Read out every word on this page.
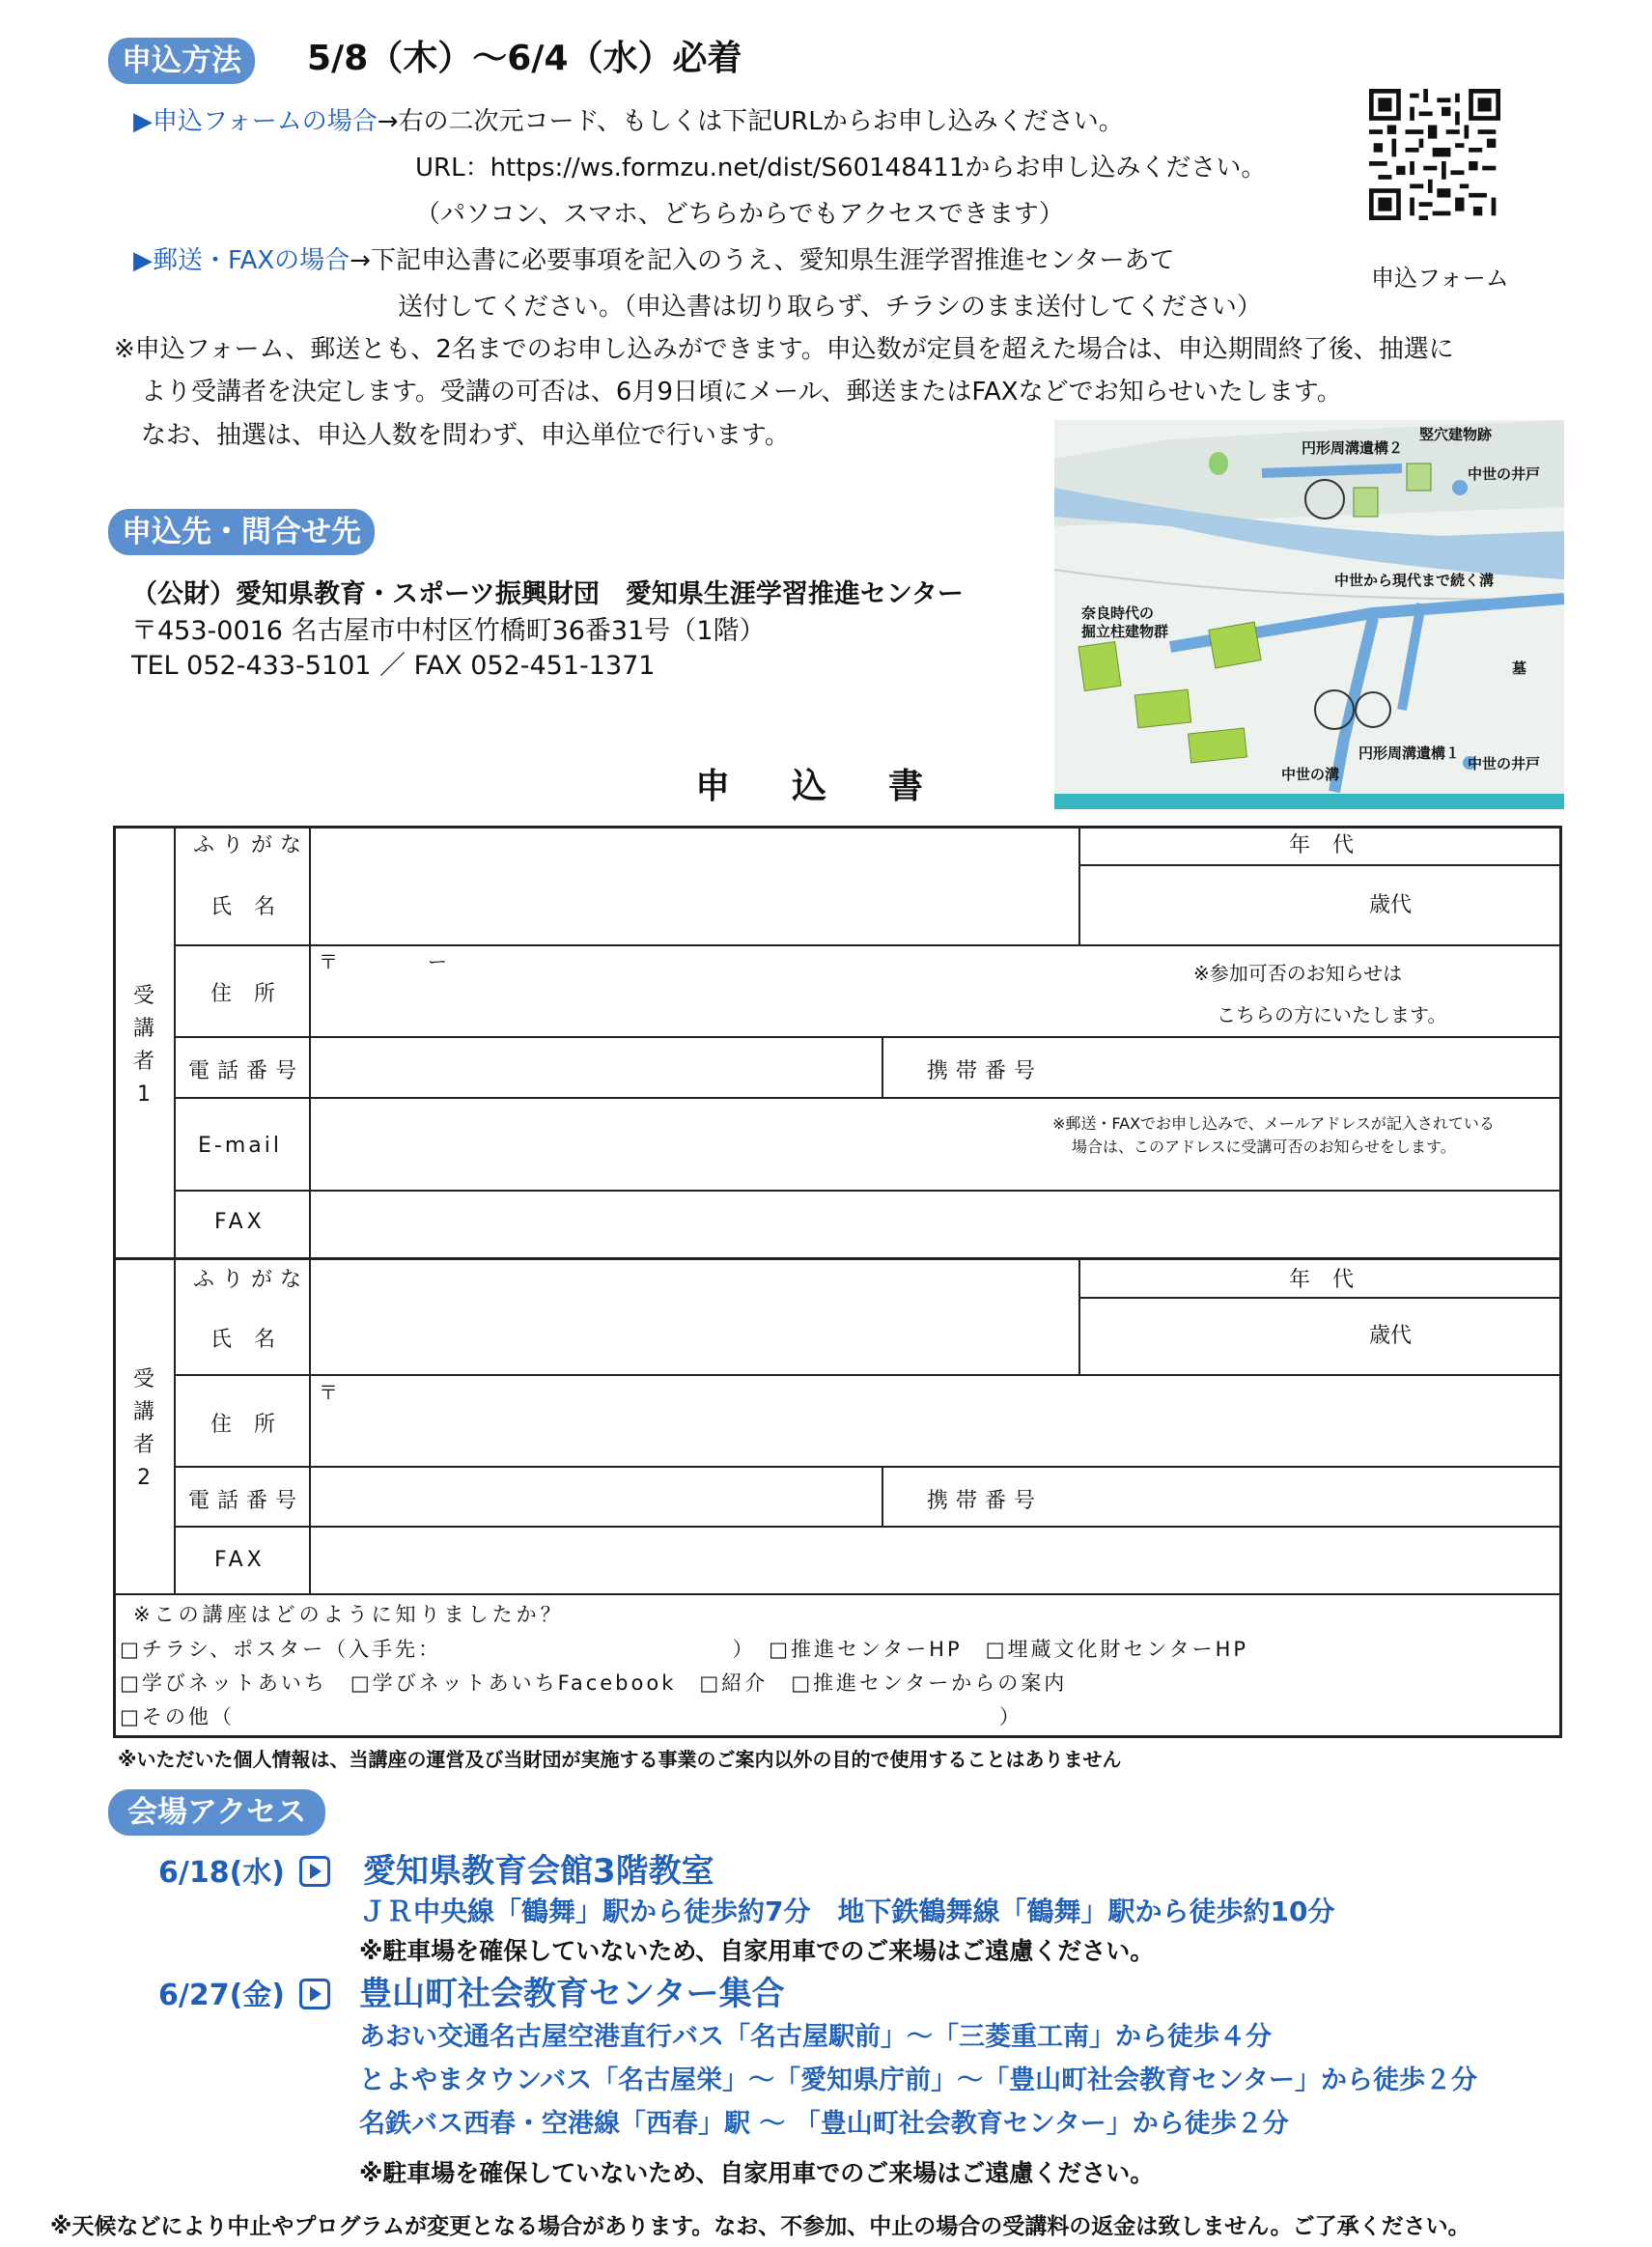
申込方法	5/8（木）～6/4（水）必着
▶申込フォームの場合→右の二次元コード、もしくは下記URLからお申し込みください。
URL：https://ws.formzu.net/dist/S60148411からお申し込みください。
（パソコン、スマホ、どちらからでもアクセスできます）
▶郵送・FAXの場合→下記申込書に必要事項を記入のうえ、愛知県生涯学習推進センターあて
送付してください。（申込書は切り取らず、チラシのまま送付してください）
※申込フォーム、郵送とも、2名までのお申し込みができます。申込数が定員を超えた場合は、申込期間終了後、抽選に
より受講者を決定します。受講の可否は、6月9日頃にメール、郵送またはFAXなどでお知らせいたします。
なお、抽選は、申込人数を問わず、申込単位で行います。
申込フォーム
申込先・問合せ先
（公財）愛知県教育・スポーツ振興財団　愛知県生涯学習推進センター
〒453-0016 名古屋市中村区竹橋町36番31号（1階）
TEL 052-433-5101 ／ FAX 052-451-1371
円形周溝遺構２
竪穴建物跡
中世の井戸
中世から現代まで続く溝
奈良時代の
掘立柱建物群
墓
円形周溝遺構１
中世の溝
中世の井戸
申　込　書
受講者1
ふりがな	年 代
氏 名	歳代
住 所
〒	ー	※参加可否のお知らせは
こちらの方にいたします。
電話番号	携帯番号
E-mail
※郵送・FAXでお申し込みで、メールアドレスが記入されている
場合は、このアドレスに受講可否のお知らせをします。
FAX
受講者2
ふりがな	年 代
氏 名	歳代
住 所
〒
電話番号	携帯番号
FAX
※この講座はどのように知りましたか？
□チラシ、ポスター（入手先：　　　　　　　　　　　　　）　□推進センターHP　□埋蔵文化財センターHP
□学びネットあいち　□学びネットあいちFacebook　□紹介　□推進センターからの案内
□その他（　　　　　　　　　　　　　　　　　　　　　　　　　　　　　　　　　）
※いただいた個人情報は、当講座の運営及び当財団が実施する事業のご案内以外の目的で使用することはありません
会場アクセス
6/18(水) 愛知県教育会館3階教室
ＪＲ中央線「鶴舞」駅から徒歩約7分　地下鉄鶴舞線「鶴舞」駅から徒歩約10分
※駐車場を確保していないため、自家用車でのご来場はご遠慮ください。
6/27(金) 豊山町社会教育センター集合
あおい交通名古屋空港直行バス「名古屋駅前」～「三菱重工南」から徒歩４分
とよやまタウンバス「名古屋栄」～「愛知県庁前」～「豊山町社会教育センター」から徒歩２分
名鉄バス西春・空港線「西春」駅 ～ 「豊山町社会教育センター」から徒歩２分
※駐車場を確保していないため、自家用車でのご来場はご遠慮ください。
※天候などにより中止やプログラムが変更となる場合があります。なお、不参加、中止の場合の受講料の返金は致しません。ご了承ください。
